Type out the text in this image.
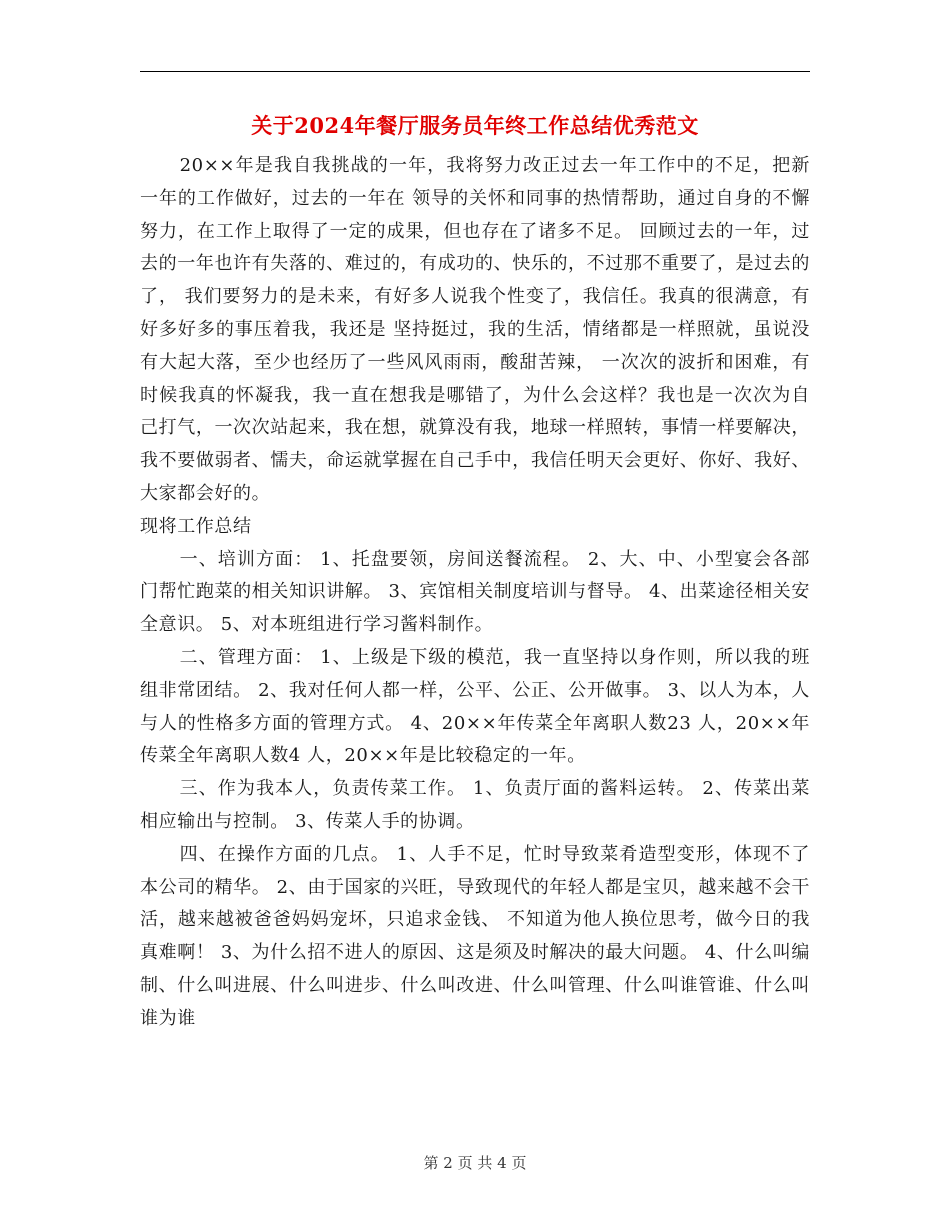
关于2024年餐厅服务员年终工作总结优秀范文

20××年是我自我挑战的一年，我将努力改正过去一年工作中的不足，把新一年的工作做好，过去的一年在 领导的关怀和同事的热情帮助，通过自身的不懈努力，在工作上取得了一定的成果，但也存在了诸多不足。 回顾过去的一年，过去的一年也许有失落的、难过的，有成功的、快乐的，不过那不重要了，是过去的了， 我们要努力的是未来，有好多人说我个性变了，我信任。我真的很满意，有好多好多的事压着我，我还是 坚持挺过，我的生活，情绪都是一样照就，虽说没有大起大落，至少也经历了一些风风雨雨，酸甜苦辣， 一次次的波折和困难，有时候我真的怀凝我，我一直在想我是哪错了，为什么会这样？我也是一次次为自 己打气，一次次站起来，我在想，就算没有我，地球一样照转，事情一样要解决，我不要做弱者、懦夫，命运就掌握在自己手中，我信任明天会更好、你好、我好、大家都会好的。

现将工作总结

一、培训方面： 1、托盘要领，房间送餐流程。 2、大、中、小型宴会各部门帮忙跑菜的相关知识讲解。 3、宾馆相关制度培训与督导。 4、出菜途径相关安全意识。 5、对本班组进行学习酱料制作。

二、管理方面： 1、上级是下级的模范，我一直坚持以身作则，所以我的班组非常团结。 2、我对任何人都一样，公平、公正、公开做事。 3、以人为本，人与人的性格多方面的管理方式。 4、20××年传菜全年离职人数23 人，20××年传菜全年离职人数4 人，20××年是比较稳定的一年。

三、作为我本人，负责传菜工作。 1、负责厅面的酱料运转。 2、传菜出菜相应输出与控制。 3、传菜人手的协调。

四、在操作方面的几点。 1、人手不足，忙时导致菜肴造型变形，体现不了本公司的精华。 2、由于国家的兴旺，导致现代的年轻人都是宝贝，越来越不会干活，越来越被爸爸妈妈宠坏，只追求金钱、 不知道为他人换位思考，做今日的我真难啊！ 3、为什么招不进人的原因、这是须及时解决的最大问题。 4、什么叫编制、什么叫进展、什么叫进步、什么叫改进、什么叫管理、什么叫谁管谁、什么叫谁为谁

第 2 页 共 4 页
